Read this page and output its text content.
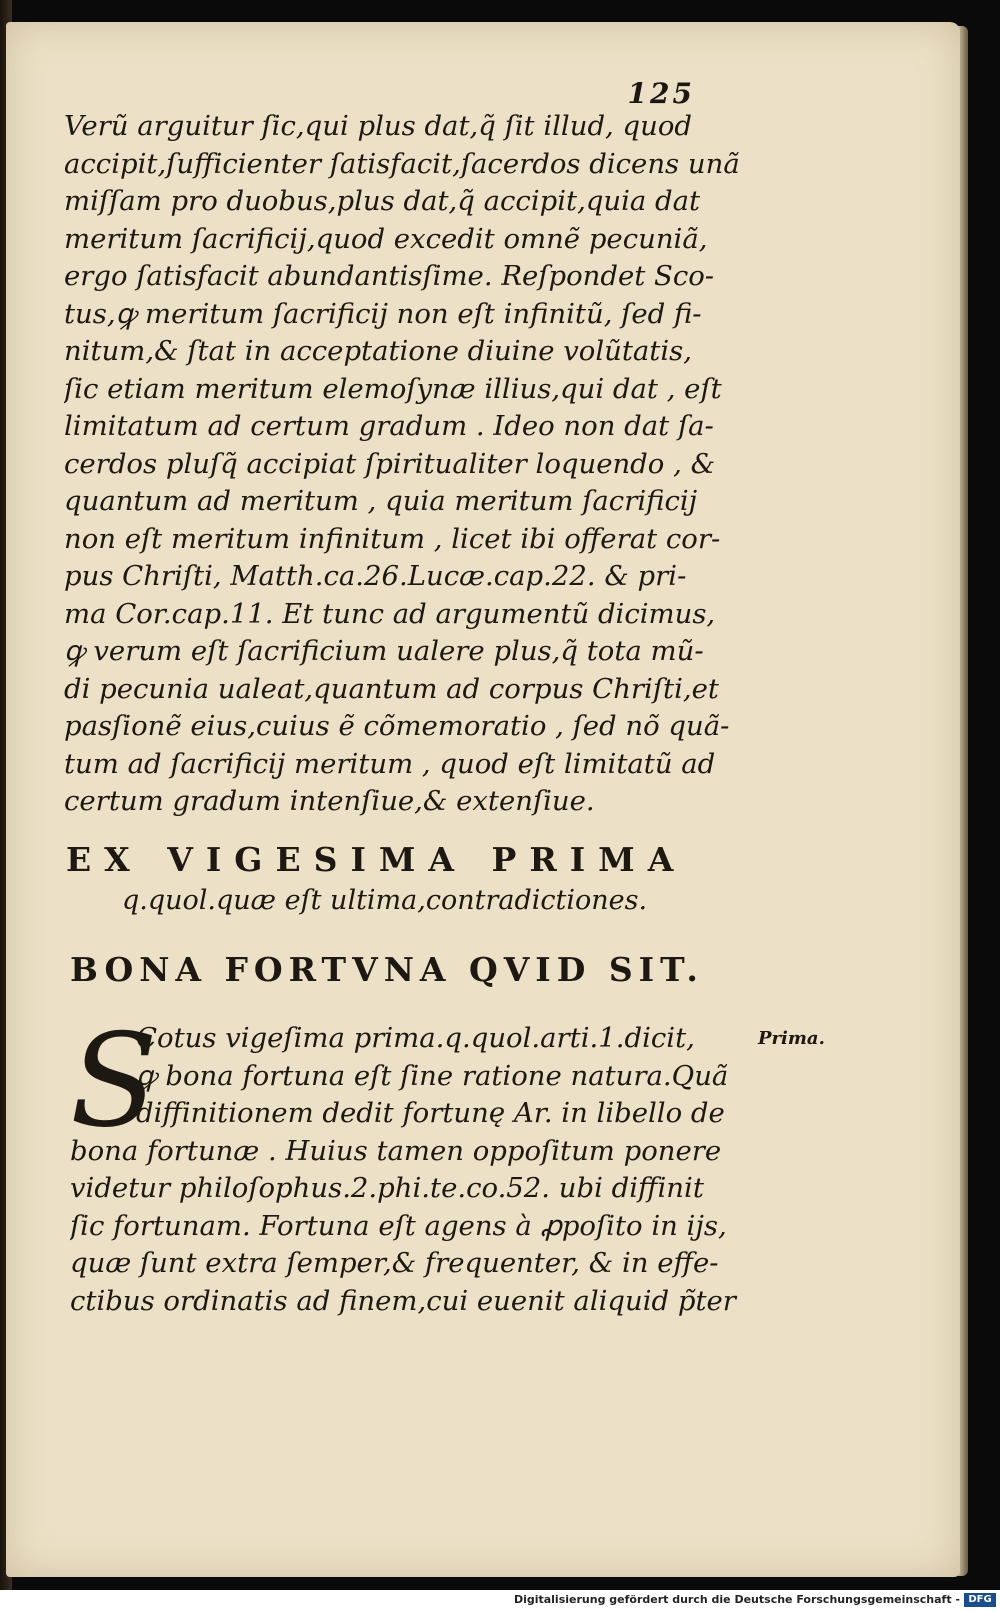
125
Verũ arguitur ſic,qui plus dat,q̃ ſit illud, quod
accipit,ſufficienter ſatisfacit,ſacerdos dicens unã
miſſam pro duobus,plus dat,q̃ accipit,quia dat
meritum ſacrificij,quod excedit omnẽ pecuniã,
ergo ſatisfacit abundantisſime. Reſpondet Sco-
tus,ꝙ meritum ſacrificij non eſt infinitũ, ſed fi-
nitum,& ſtat in acceptatione diuine volũtatis,
ſic etiam meritum elemoſynæ illius,qui dat , eſt
limitatum ad certum gradum . Ideo non dat ſa-
cerdos pluſq̃ accipiat ſpiritualiter loquendo , &
quantum ad meritum , quia meritum ſacrificij
non eſt meritum infinitum , licet ibi offerat cor-
pus Chriſti, Matth.ca.26.Lucæ.cap.22. & pri-
ma Cor.cap.11. Et tunc ad argumentũ dicimus,
ꝙ verum eſt ſacrificium ualere plus,q̃ tota mũ-
di pecunia ualeat,quantum ad corpus Chriſti,et
pasſionẽ eius,cuius ẽ cõmemoratio , ſed nõ quã-
tum ad ſacrificij meritum , quod eſt limitatũ ad
certum gradum intenſiue,& extenſiue.
EX VIGESIMA PRIMA
q.quol.quæ eſt ultima,contradictiones.
BONA FORTVNA QVID SIT.
S	Prima.
Cotus vigeſima prima.q.quol.arti.1.dicit,
ꝙ bona fortuna eſt ſine ratione natura.Quã
diffinitionem dedit fortunę Ar. in libello de
bona fortunæ . Huius tamen oppoſitum ponere
videtur philoſophus.2.phi.te.co.52. ubi diffinit
ſic fortunam. Fortuna eſt agens à ꝓpoſito in ijs,
quæ ſunt extra ſemper,& frequenter, & in effe-
ctibus ordinatis ad finem,cui euenit aliquid p̃ter
Digitalisierung gefördert durch die Deutsche Forschungsgemeinschaft - DFG
